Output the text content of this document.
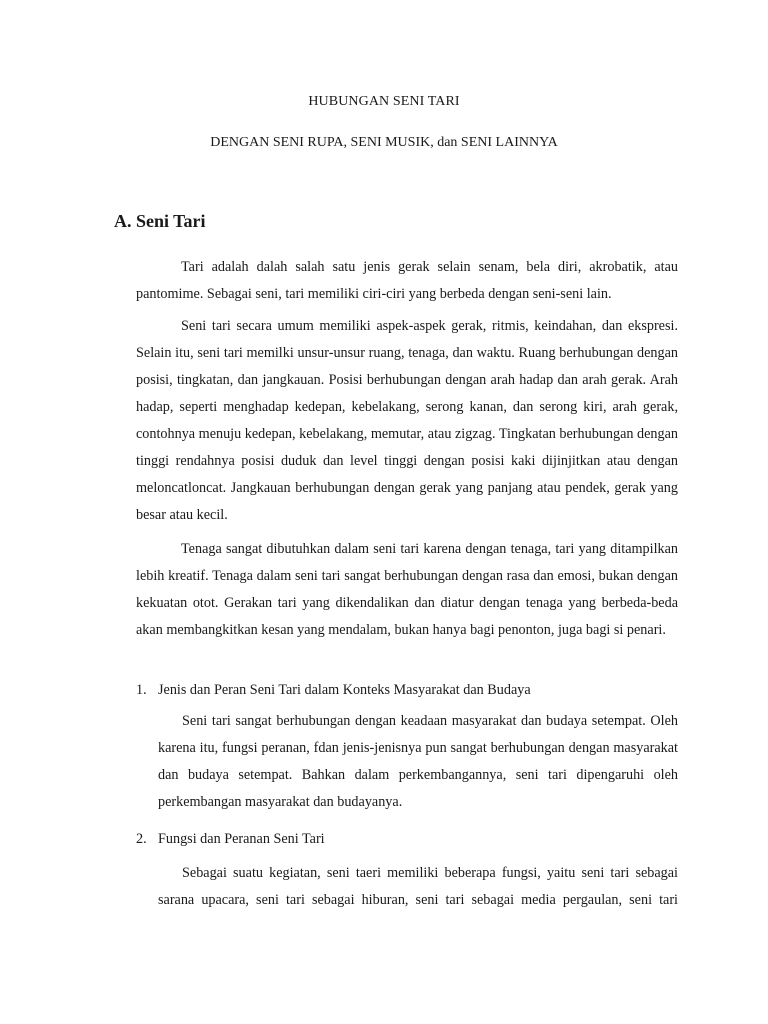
HUBUNGAN SENI TARI
DENGAN SENI RUPA, SENI MUSIK, dan SENI LAINNYA
A. Seni Tari

Tari adalah dalah salah satu jenis gerak selain senam, bela diri, akrobatik, atau pantomime. Sebagai seni, tari memiliki ciri-ciri yang berbeda dengan seni-seni lain.

Seni tari secara umum memiliki aspek-aspek gerak, ritmis, keindahan, dan ekspresi. Selain itu, seni tari memilki unsur-unsur ruang, tenaga, dan waktu. Ruang berhubungan dengan posisi, tingkatan, dan jangkauan. Posisi berhubungan dengan arah hadap dan arah gerak. Arah hadap, seperti menghadap kedepan, kebelakang, serong kanan, dan serong kiri, arah gerak, contohnya menuju kedepan, kebelakang, memutar, atau zigzag. Tingkatan berhubungan dengan tinggi rendahnya posisi duduk dan level tinggi dengan posisi kaki dijinjitkan atau dengan meloncatloncat. Jangkauan berhubungan dengan gerak yang panjang atau pendek, gerak yang besar atau kecil.

Tenaga sangat dibutuhkan dalam seni tari karena dengan tenaga, tari yang ditampilkan lebih kreatif. Tenaga dalam seni tari sangat berhubungan dengan rasa dan emosi, bukan dengan kekuatan otot. Gerakan tari yang dikendalikan dan diatur dengan tenaga yang berbeda-beda akan membangkitkan kesan yang mendalam, bukan hanya bagi penonton, juga bagi si penari.

1. Jenis dan Peran Seni Tari dalam Konteks Masyarakat dan Budaya

Seni tari sangat berhubungan dengan keadaan masyarakat dan budaya setempat. Oleh karena itu, fungsi peranan, fdan jenis-jenisnya pun sangat berhubungan dengan masyarakat dan budaya setempat. Bahkan dalam perkembangannya, seni tari dipengaruhi oleh perkembangan masyarakat dan budayanya.

2. Fungsi dan Peranan Seni Tari

Sebagai suatu kegiatan, seni taeri memiliki beberapa fungsi, yaitu seni tari sebagai sarana upacara, seni tari sebagai hiburan, seni tari sebagai media pergaulan, seni tari
